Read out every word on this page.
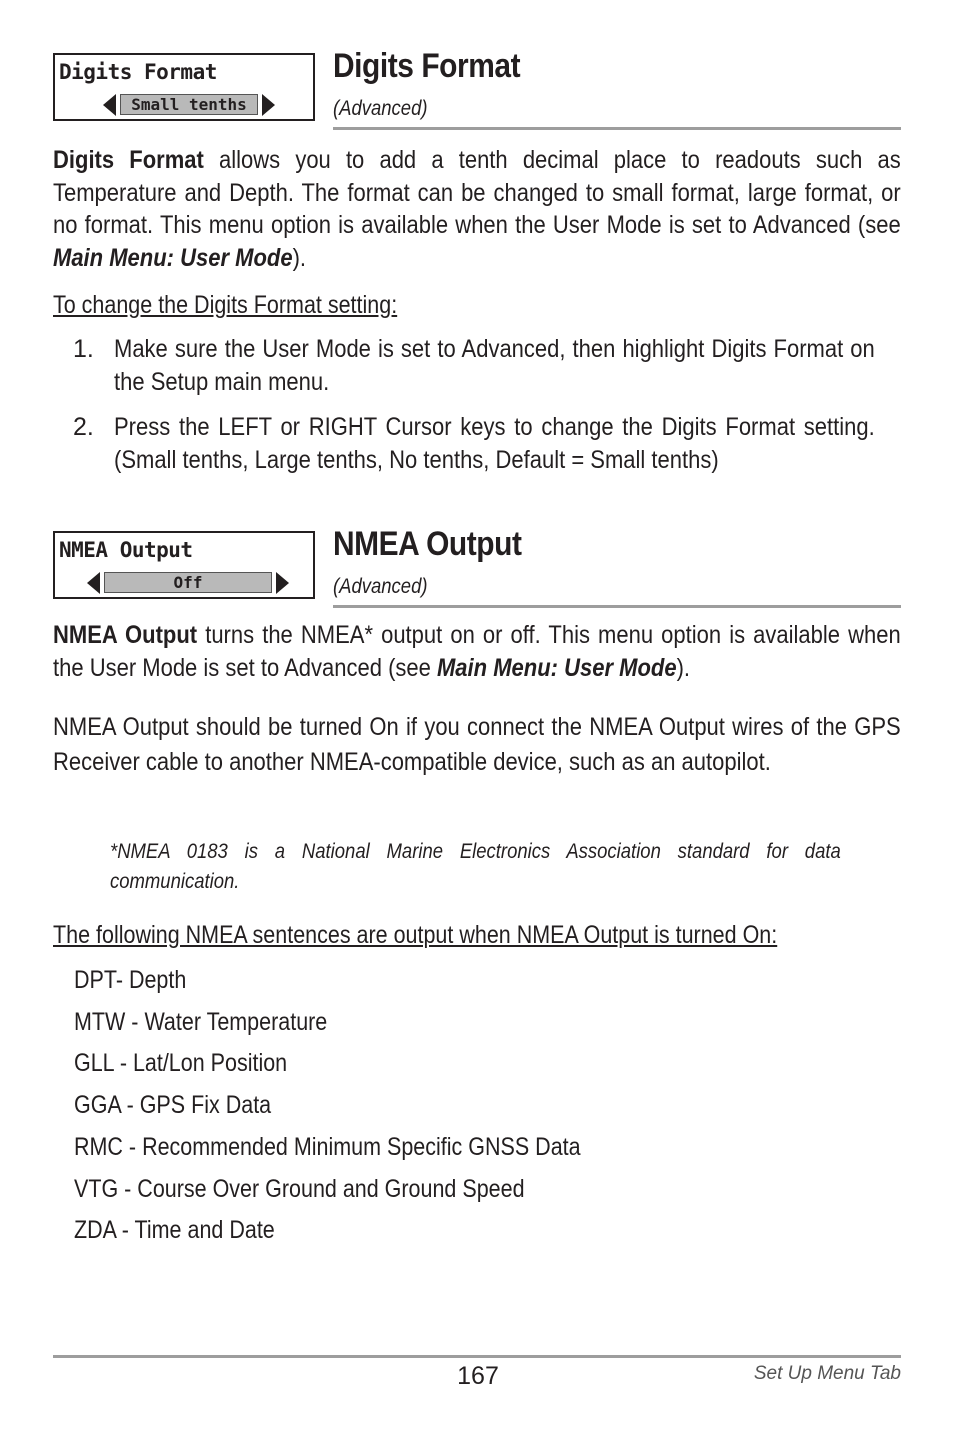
Digits Format
Small tenths
Digits Format
(Advanced)
Digits Format allows you to add a tenth decimal place to readouts such as Temperature and Depth. The format can be changed to small format, large format, or no format. This menu option is available when the User Mode is set to Advanced (see Main Menu: User Mode).
To change the Digits Format setting:
1. Make sure the User Mode is set to Advanced, then highlight Digits Format on the Setup main menu.
2. Press the LEFT or RIGHT Cursor keys to change the Digits Format setting. (Small tenths, Large tenths, No tenths, Default = Small tenths)
NMEA Output
Off
NMEA Output
(Advanced)
NMEA Output turns the NMEA* output on or off. This menu option is available when the User Mode is set to Advanced (see Main Menu: User Mode).
NMEA Output should be turned On if you connect the NMEA Output wires of the GPS Receiver cable to another NMEA-compatible device, such as an autopilot.
*NMEA 0183 is a National Marine Electronics Association standard for data communication.
The following NMEA sentences are output when NMEA Output is turned On:
DPT- Depth
MTW - Water Temperature
GLL - Lat/Lon Position
GGA - GPS Fix Data
RMC - Recommended Minimum Specific GNSS Data
VTG - Course Over Ground and Ground Speed
ZDA - Time and Date
167	Set Up Menu Tab
